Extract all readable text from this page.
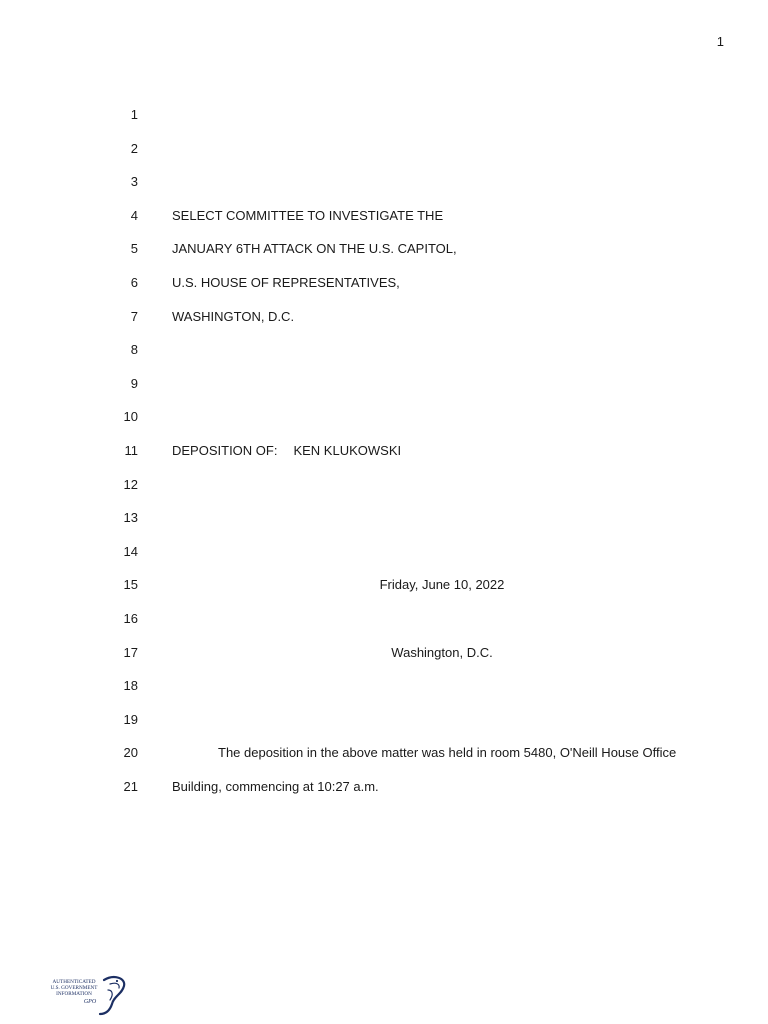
1
1
2
3
4	SELECT COMMITTEE TO INVESTIGATE THE
5	JANUARY 6TH ATTACK ON THE U.S. CAPITOL,
6	U.S. HOUSE OF REPRESENTATIVES,
7	WASHINGTON, D.C.
8
9
10
11	DEPOSITION OF: KEN KLUKOWSKI
12
13
14
15	Friday, June 10, 2022
16
17	Washington, D.C.
18
19
20	The deposition in the above matter was held in room 5480, O'Neill House Office
21	Building, commencing at 10:27 a.m.
AUTHENTICATED
U.S. GOVERNMENT
INFORMATION
GPO
